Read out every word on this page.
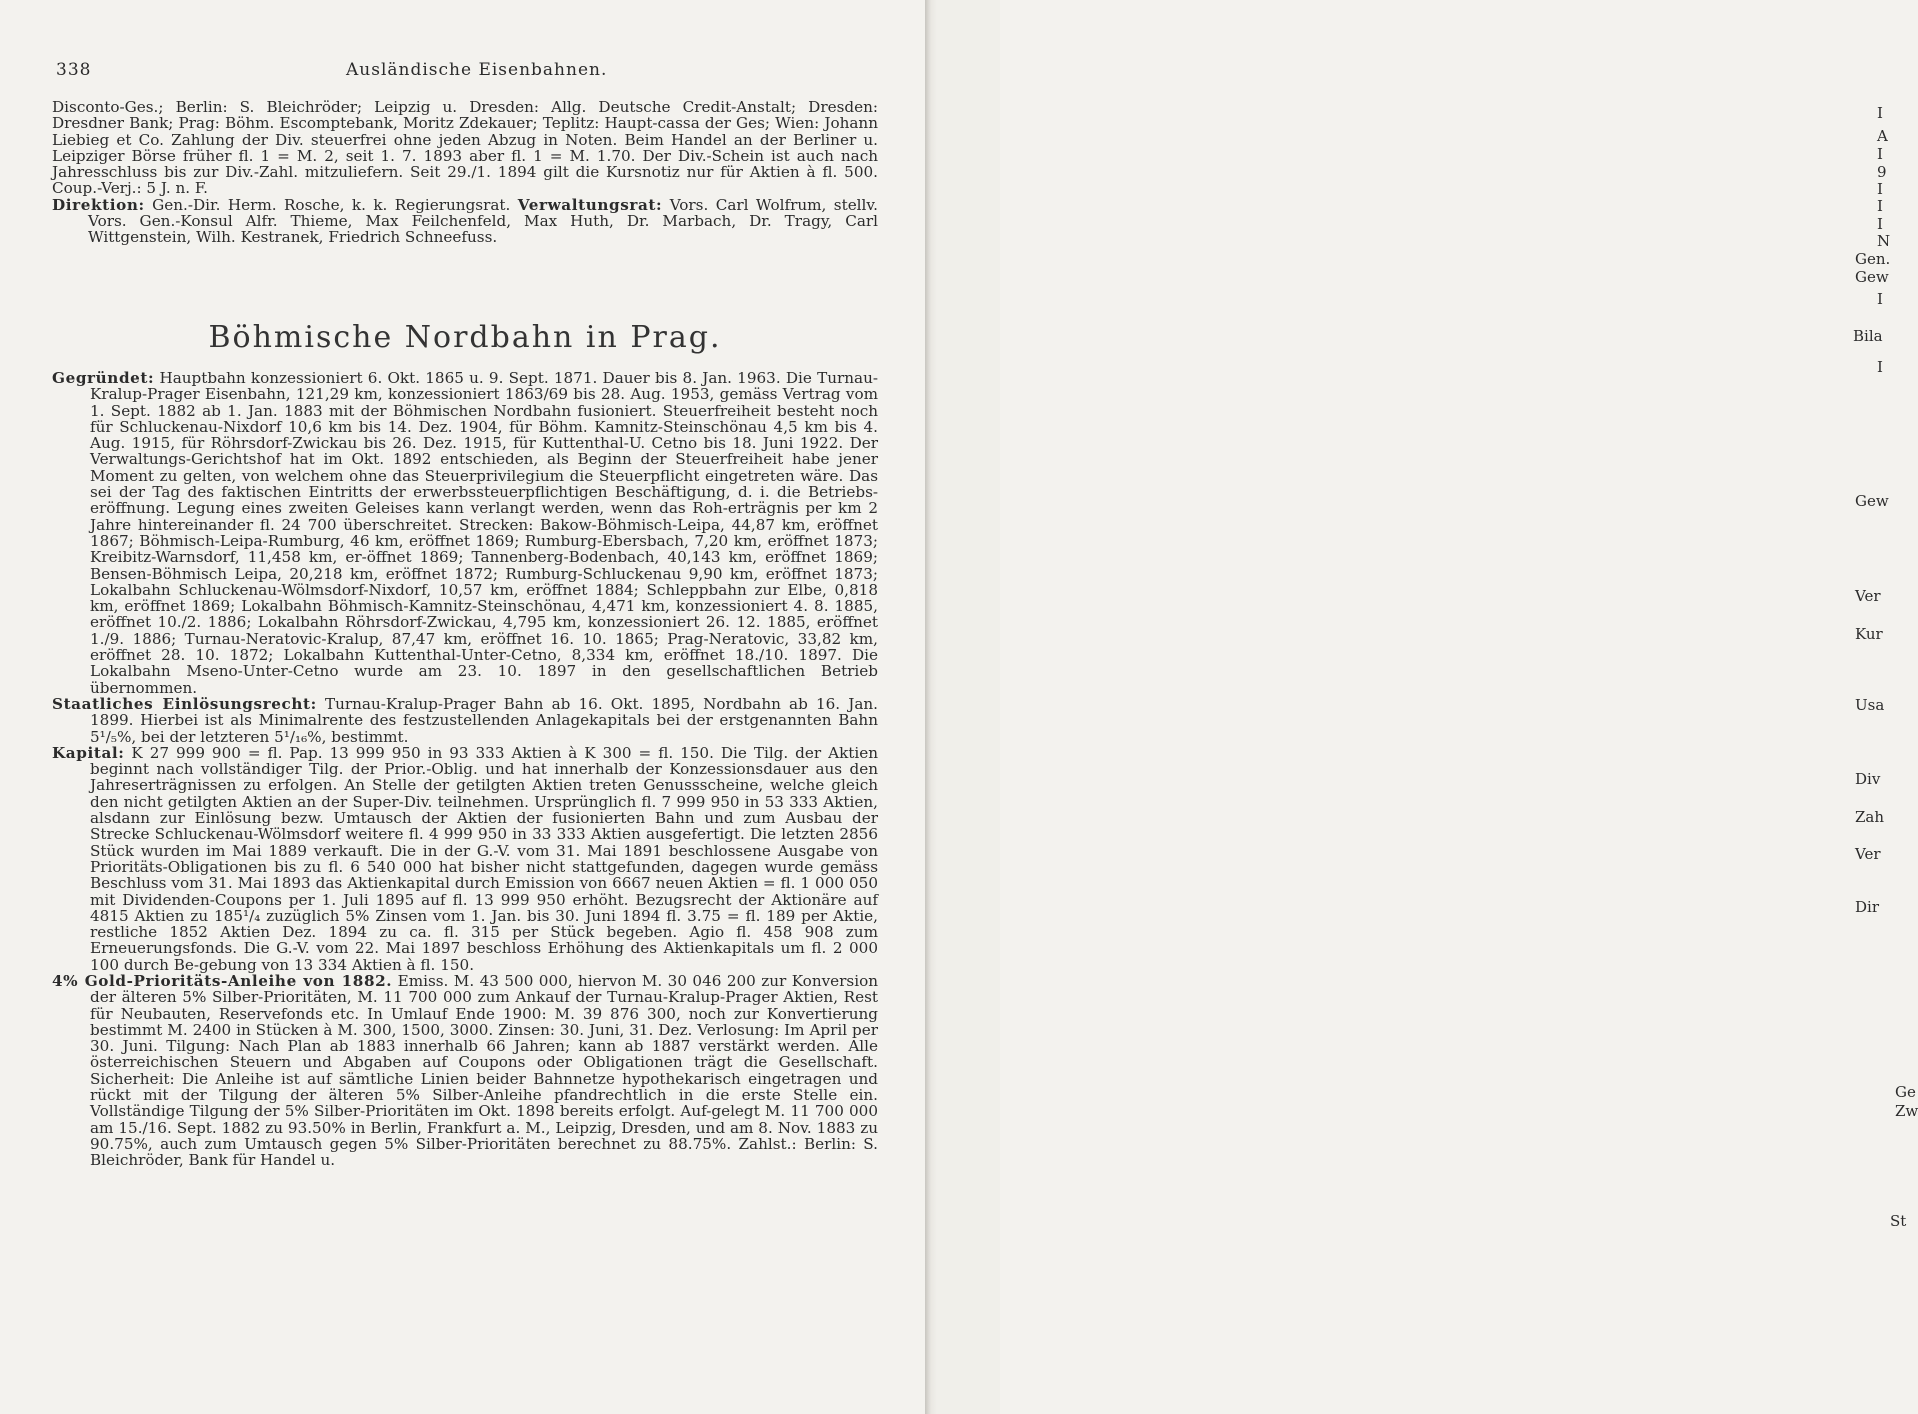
338	Ausländische Eisenbahnen.

Disconto-Ges.; Berlin: S. Bleichröder; Leipzig u. Dresden: Allg. Deutsche Credit-Anstalt; Dresden: Dresdner Bank; Prag: Böhm. Escomptebank, Moritz Zdekauer; Teplitz: Haupt-cassa der Ges; Wien: Johann Liebieg et Co. Zahlung der Div. steuerfrei ohne jeden Abzug in Noten. Beim Handel an der Berliner u. Leipziger Börse früher fl. 1 = M. 2, seit 1. 7. 1893 aber fl. 1 = M. 1.70. Der Div.-Schein ist auch nach Jahresschluss bis zur Div.-Zahl. mitzuliefern. Seit 29./1. 1894 gilt die Kursnotiz nur für Aktien à fl. 500. Coup.-Verj.: 5 J. n. F.

Direktion: Gen.-Dir. Herm. Rosche, k. k. Regierungsrat. Verwaltungsrat: Vors. Carl Wolfrum, stellv. Vors. Gen.-Konsul Alfr. Thieme, Max Feilchenfeld, Max Huth, Dr. Marbach, Dr. Tragy, Carl Wittgenstein, Wilh. Kestranek, Friedrich Schneefuss.

Böhmische Nordbahn in Prag.

Gegründet: Hauptbahn konzessioniert 6. Okt. 1865 u. 9. Sept. 1871. Dauer bis 8. Jan. 1963. Die Turnau-Kralup-Prager Eisenbahn, 121,29 km, konzessioniert 1863/69 bis 28. Aug. 1953, gemäss Vertrag vom 1. Sept. 1882 ab 1. Jan. 1883 mit der Böhmischen Nordbahn fusioniert. Steuerfreiheit besteht noch für Schluckenau-Nixdorf 10,6 km bis 14. Dez. 1904, für Böhm. Kamnitz-Steinschönau 4,5 km bis 4. Aug. 1915, für Röhrsdorf-Zwickau bis 26. Dez. 1915, für Kuttenthal-U. Cetno bis 18. Juni 1922. Der Verwaltungs-Gerichtshof hat im Okt. 1892 entschieden, als Beginn der Steuerfreiheit habe jener Moment zu gelten, von welchem ohne das Steuerprivilegium die Steuerpflicht eingetreten wäre. Das sei der Tag des faktischen Eintritts der erwerbssteuerpflichtigen Beschäftigung, d. i. die Betriebs-eröffnung. Legung eines zweiten Geleises kann verlangt werden, wenn das Roh-erträgnis per km 2 Jahre hintereinander fl. 24 700 überschreitet. Strecken: Bakow-Böhmisch-Leipa, 44,87 km, eröffnet 1867; Böhmisch-Leipa-Rumburg, 46 km, eröffnet 1869; Rumburg-Ebersbach, 7,20 km, eröffnet 1873; Kreibitz-Warnsdorf, 11,458 km, er-öffnet 1869; Tannenberg-Bodenbach, 40,143 km, eröffnet 1869; Bensen-Böhmisch Leipa, 20,218 km, eröffnet 1872; Rumburg-Schluckenau 9,90 km, eröffnet 1873; Lokalbahn Schluckenau-Wölmsdorf-Nixdorf, 10,57 km, eröffnet 1884; Schleppbahn zur Elbe, 0,818 km, eröffnet 1869; Lokalbahn Böhmisch-Kamnitz-Steinschönau, 4,471 km, konzessioniert 4. 8. 1885, eröffnet 10./2. 1886; Lokalbahn Röhrsdorf-Zwickau, 4,795 km, konzessioniert 26. 12. 1885, eröffnet 1./9. 1886; Turnau-Neratovic-Kralup, 87,47 km, eröffnet 16. 10. 1865; Prag-Neratovic, 33,82 km, eröffnet 28. 10. 1872; Lokalbahn Kuttenthal-Unter-Cetno, 8,334 km, eröffnet 18./10. 1897. Die Lokalbahn Mseno-Unter-Cetno wurde am 23. 10. 1897 in den gesellschaftlichen Betrieb übernommen.

Staatliches Einlösungsrecht: Turnau-Kralup-Prager Bahn ab 16. Okt. 1895, Nordbahn ab 16. Jan. 1899. Hierbei ist als Minimalrente des festzustellenden Anlagekapitals bei der erstgenannten Bahn 5¹/₅%, bei der letzteren 5¹/₁₆%, bestimmt.

Kapital: K 27 999 900 = fl. Pap. 13 999 950 in 93 333 Aktien à K 300 = fl. 150. Die Tilg. der Aktien beginnt nach vollständiger Tilg. der Prior.-Oblig. und hat innerhalb der Konzessionsdauer aus den Jahreserträgnissen zu erfolgen. An Stelle der getilgten Aktien treten Genussscheine, welche gleich den nicht getilgten Aktien an der Super-Div. teilnehmen. Ursprünglich fl. 7 999 950 in 53 333 Aktien, alsdann zur Einlösung bezw. Umtausch der Aktien der fusionierten Bahn und zum Ausbau der Strecke Schluckenau-Wölmsdorf weitere fl. 4 999 950 in 33 333 Aktien ausgefertigt. Die letzten 2856 Stück wurden im Mai 1889 verkauft. Die in der G.-V. vom 31. Mai 1891 beschlossene Ausgabe von Prioritäts-Obligationen bis zu fl. 6 540 000 hat bisher nicht stattgefunden, dagegen wurde gemäss Beschluss vom 31. Mai 1893 das Aktienkapital durch Emission von 6667 neuen Aktien = fl. 1 000 050 mit Dividenden-Coupons per 1. Juli 1895 auf fl. 13 999 950 erhöht. Bezugsrecht der Aktionäre auf 4815 Aktien zu 185¹/₄ zuzüglich 5% Zinsen vom 1. Jan. bis 30. Juni 1894 fl. 3.75 = fl. 189 per Aktie, restliche 1852 Aktien Dez. 1894 zu ca. fl. 315 per Stück begeben. Agio fl. 458 908 zum Erneuerungsfonds. Die G.-V. vom 22. Mai 1897 beschloss Erhöhung des Aktienkapitals um fl. 2 000 100 durch Be-gebung von 13 334 Aktien à fl. 150.

4% Gold-Prioritäts-Anleihe von 1882. Emiss. M. 43 500 000, hiervon M. 30 046 200 zur Konversion der älteren 5% Silber-Prioritäten, M. 11 700 000 zum Ankauf der Turnau-Kralup-Prager Aktien, Rest für Neubauten, Reservefonds etc. In Umlauf Ende 1900: M. 39 876 300, noch zur Konvertierung bestimmt M. 2400 in Stücken à M. 300, 1500, 3000. Zinsen: 30. Juni, 31. Dez. Verlosung: Im April per 30. Juni. Tilgung: Nach Plan ab 1883 innerhalb 66 Jahren; kann ab 1887 verstärkt werden. Alle österreichischen Steuern und Abgaben auf Coupons oder Obligationen trägt die Gesellschaft. Sicherheit: Die Anleihe ist auf sämtliche Linien beider Bahnnetze hypothekarisch eingetragen und rückt mit der Tilgung der älteren 5% Silber-Anleihe pfandrechtlich in die erste Stelle ein. Vollständige Tilgung der 5% Silber-Prioritäten im Okt. 1898 bereits erfolgt. Auf-gelegt M. 11 700 000 am 15./16. Sept. 1882 zu 93.50% in Berlin, Frankfurt a. M., Leipzig, Dresden, und am 8. Nov. 1883 zu 90.75%, auch zum Umtausch gegen 5% Silber-Prioritäten berechnet zu 88.75%. Zahlst.: Berlin: S. Bleichröder, Bank für Handel u.

I
A
I
9
I
I
I
N
Gen.
Gew
I
Bila
I
Gew
Ver
Kur
Usa
Div
Zah
Ver
Dir
Ge
Zw
St
